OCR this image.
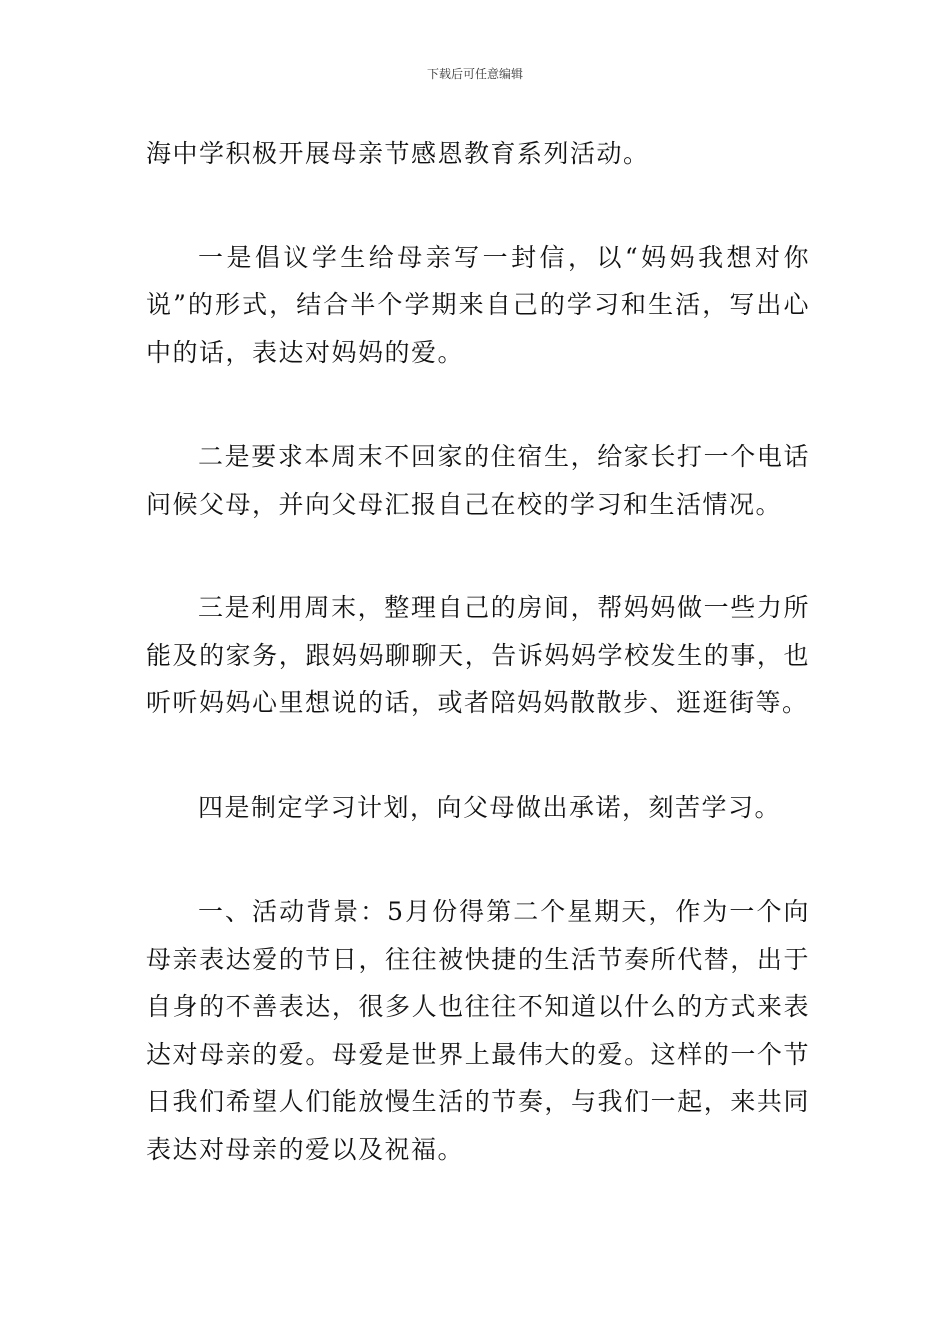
下载后可任意编辑

海中学积极开展母亲节感恩教育系列活动。

一是倡议学生给母亲写一封信，以“妈妈我想对你说”的形式，结合半个学期来自己的学习和生活，写出心中的话，表达对妈妈的爱。

二是要求本周末不回家的住宿生，给家长打一个电话问候父母，并向父母汇报自己在校的学习和生活情况。

三是利用周末，整理自己的房间，帮妈妈做一些力所能及的家务，跟妈妈聊聊天，告诉妈妈学校发生的事，也听听妈妈心里想说的话，或者陪妈妈散散步、逛逛街等。

四是制定学习计划，向父母做出承诺，刻苦学习。

一、活动背景：5月份得第二个星期天，作为一个向母亲表达爱的节日，往往被快捷的生活节奏所代替，出于自身的不善表达，很多人也往往不知道以什么的方式来表达对母亲的爱。母爱是世界上最伟大的爱。这样的一个节日我们希望人们能放慢生活的节奏，与我们一起，来共同表达对母亲的爱以及祝福。
